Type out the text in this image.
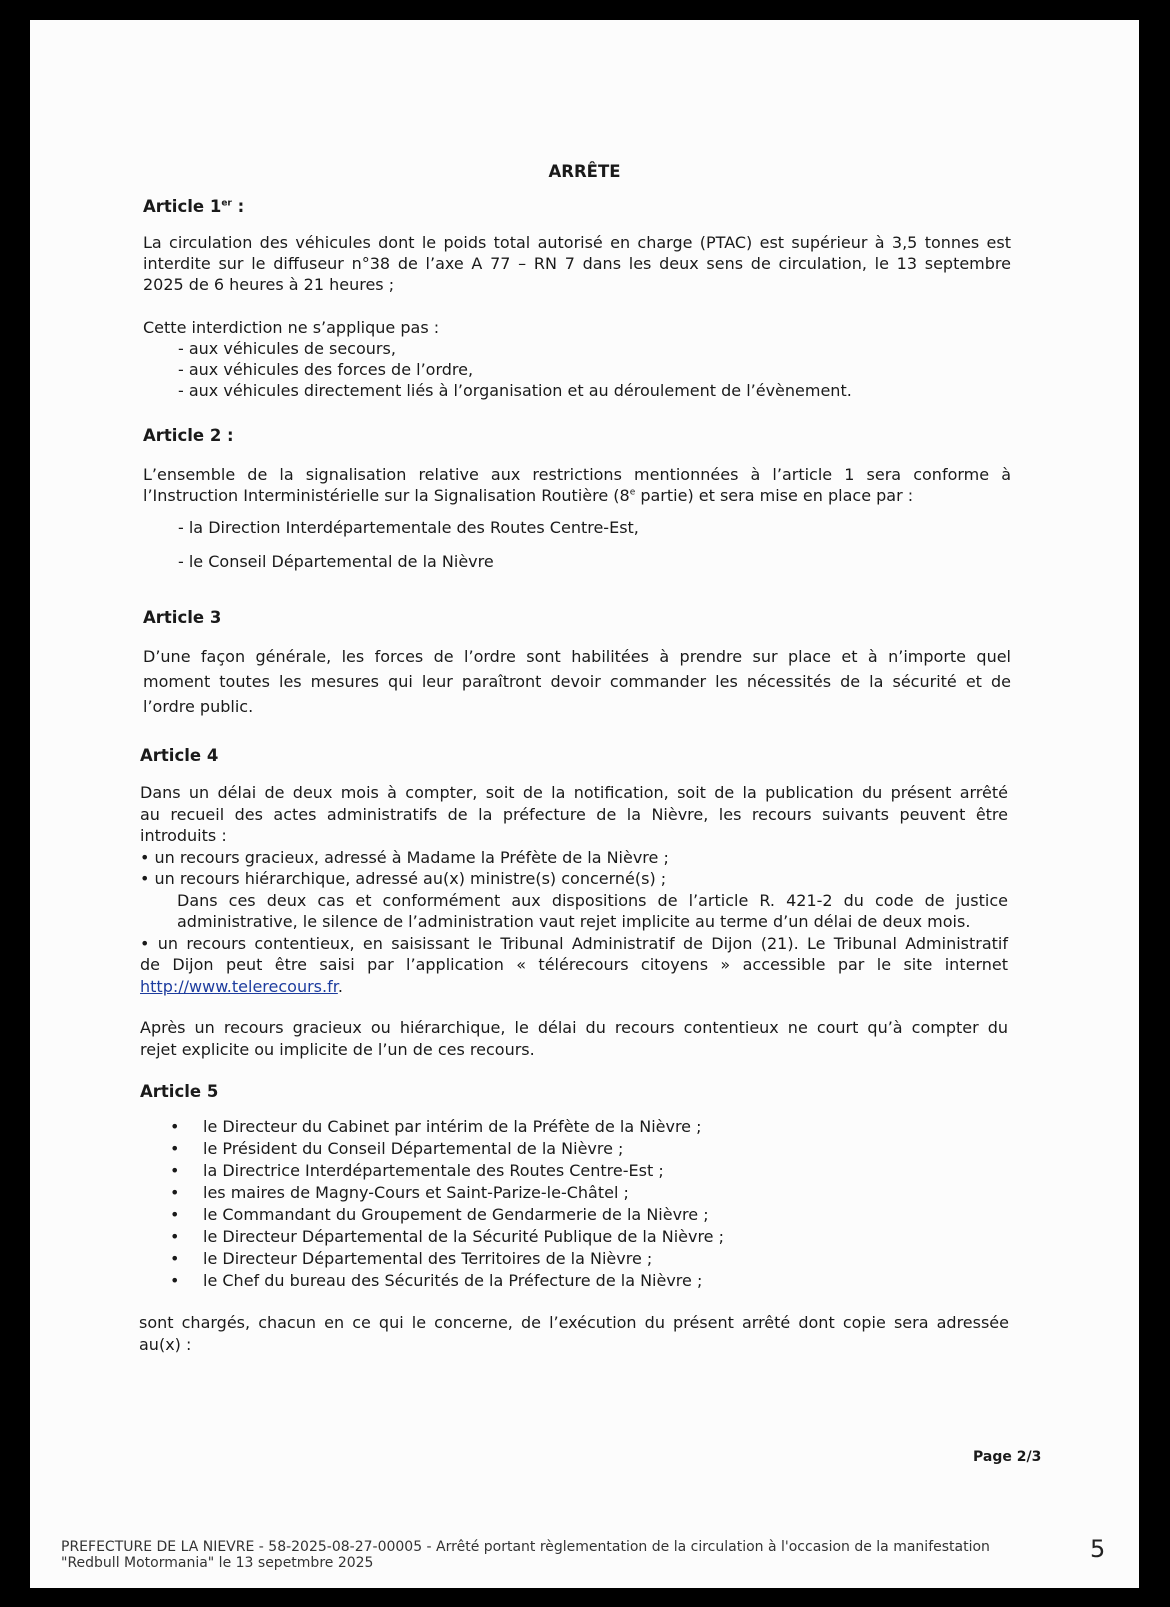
ARRÊTE
Article 1er :
La circulation des véhicules dont le poids total autorisé en charge (PTAC) est supérieur à 3,5 tonnes est
interdite sur le diffuseur n°38 de l’axe A 77 – RN 7 dans les deux sens de circulation, le 13 septembre
2025 de 6 heures à 21 heures ;
Cette interdiction ne s’applique pas :
- aux véhicules de secours,
- aux véhicules des forces de l’ordre,
- aux véhicules directement liés à l’organisation et au déroulement de l’évènement.
Article 2 :
L’ensemble de la signalisation relative aux restrictions mentionnées à l’article 1 sera conforme à
l’Instruction Interministérielle sur la Signalisation Routière (8e partie) et sera mise en place par :
- la Direction Interdépartementale des Routes Centre-Est,
- le Conseil Départemental de la Nièvre
Article 3
D’une façon générale, les forces de l’ordre sont habilitées à prendre sur place et à n’importe quel
moment toutes les mesures qui leur paraîtront devoir commander les nécessités de la sécurité et de
l’ordre public.
Article 4
Dans un délai de deux mois à compter, soit de la notification, soit de la publication du présent arrêté
au recueil des actes administratifs de la préfecture de la Nièvre, les recours suivants peuvent être
introduits :
• un recours gracieux, adressé à Madame la Préfète de la Nièvre ;
• un recours hiérarchique, adressé au(x) ministre(s) concerné(s) ;
Dans ces deux cas et conformément aux dispositions de l’article R. 421-2 du code de justice
administrative, le silence de l’administration vaut rejet implicite au terme d’un délai de deux mois.
• un recours contentieux, en saisissant le Tribunal Administratif de Dijon (21). Le Tribunal Administratif
de Dijon peut être saisi par l’application « télérecours citoyens » accessible par le site internet
http://www.telerecours.fr.
Après un recours gracieux ou hiérarchique, le délai du recours contentieux ne court qu’à compter du
rejet explicite ou implicite de l’un de ces recours.
Article 5
• le Directeur du Cabinet par intérim de la Préfète de la Nièvre ;
• le Président du Conseil Départemental de la Nièvre ;
• la Directrice Interdépartementale des Routes Centre-Est ;
• les maires de Magny-Cours et Saint-Parize-le-Châtel ;
• le Commandant du Groupement de Gendarmerie de la Nièvre ;
• le Directeur Départemental de la Sécurité Publique de la Nièvre ;
• le Directeur Départemental des Territoires de la Nièvre ;
• le Chef du bureau des Sécurités de la Préfecture de la Nièvre ;
sont chargés, chacun en ce qui le concerne, de l’exécution du présent arrêté dont copie sera adressée
au(x) :
Page 2/3
PREFECTURE DE LA NIEVRE - 58-2025-08-27-00005 - Arrêté portant règlementation de la circulation à l'occasion de la manifestation
"Redbull Motormania" le 13 sepetmbre 2025	5
